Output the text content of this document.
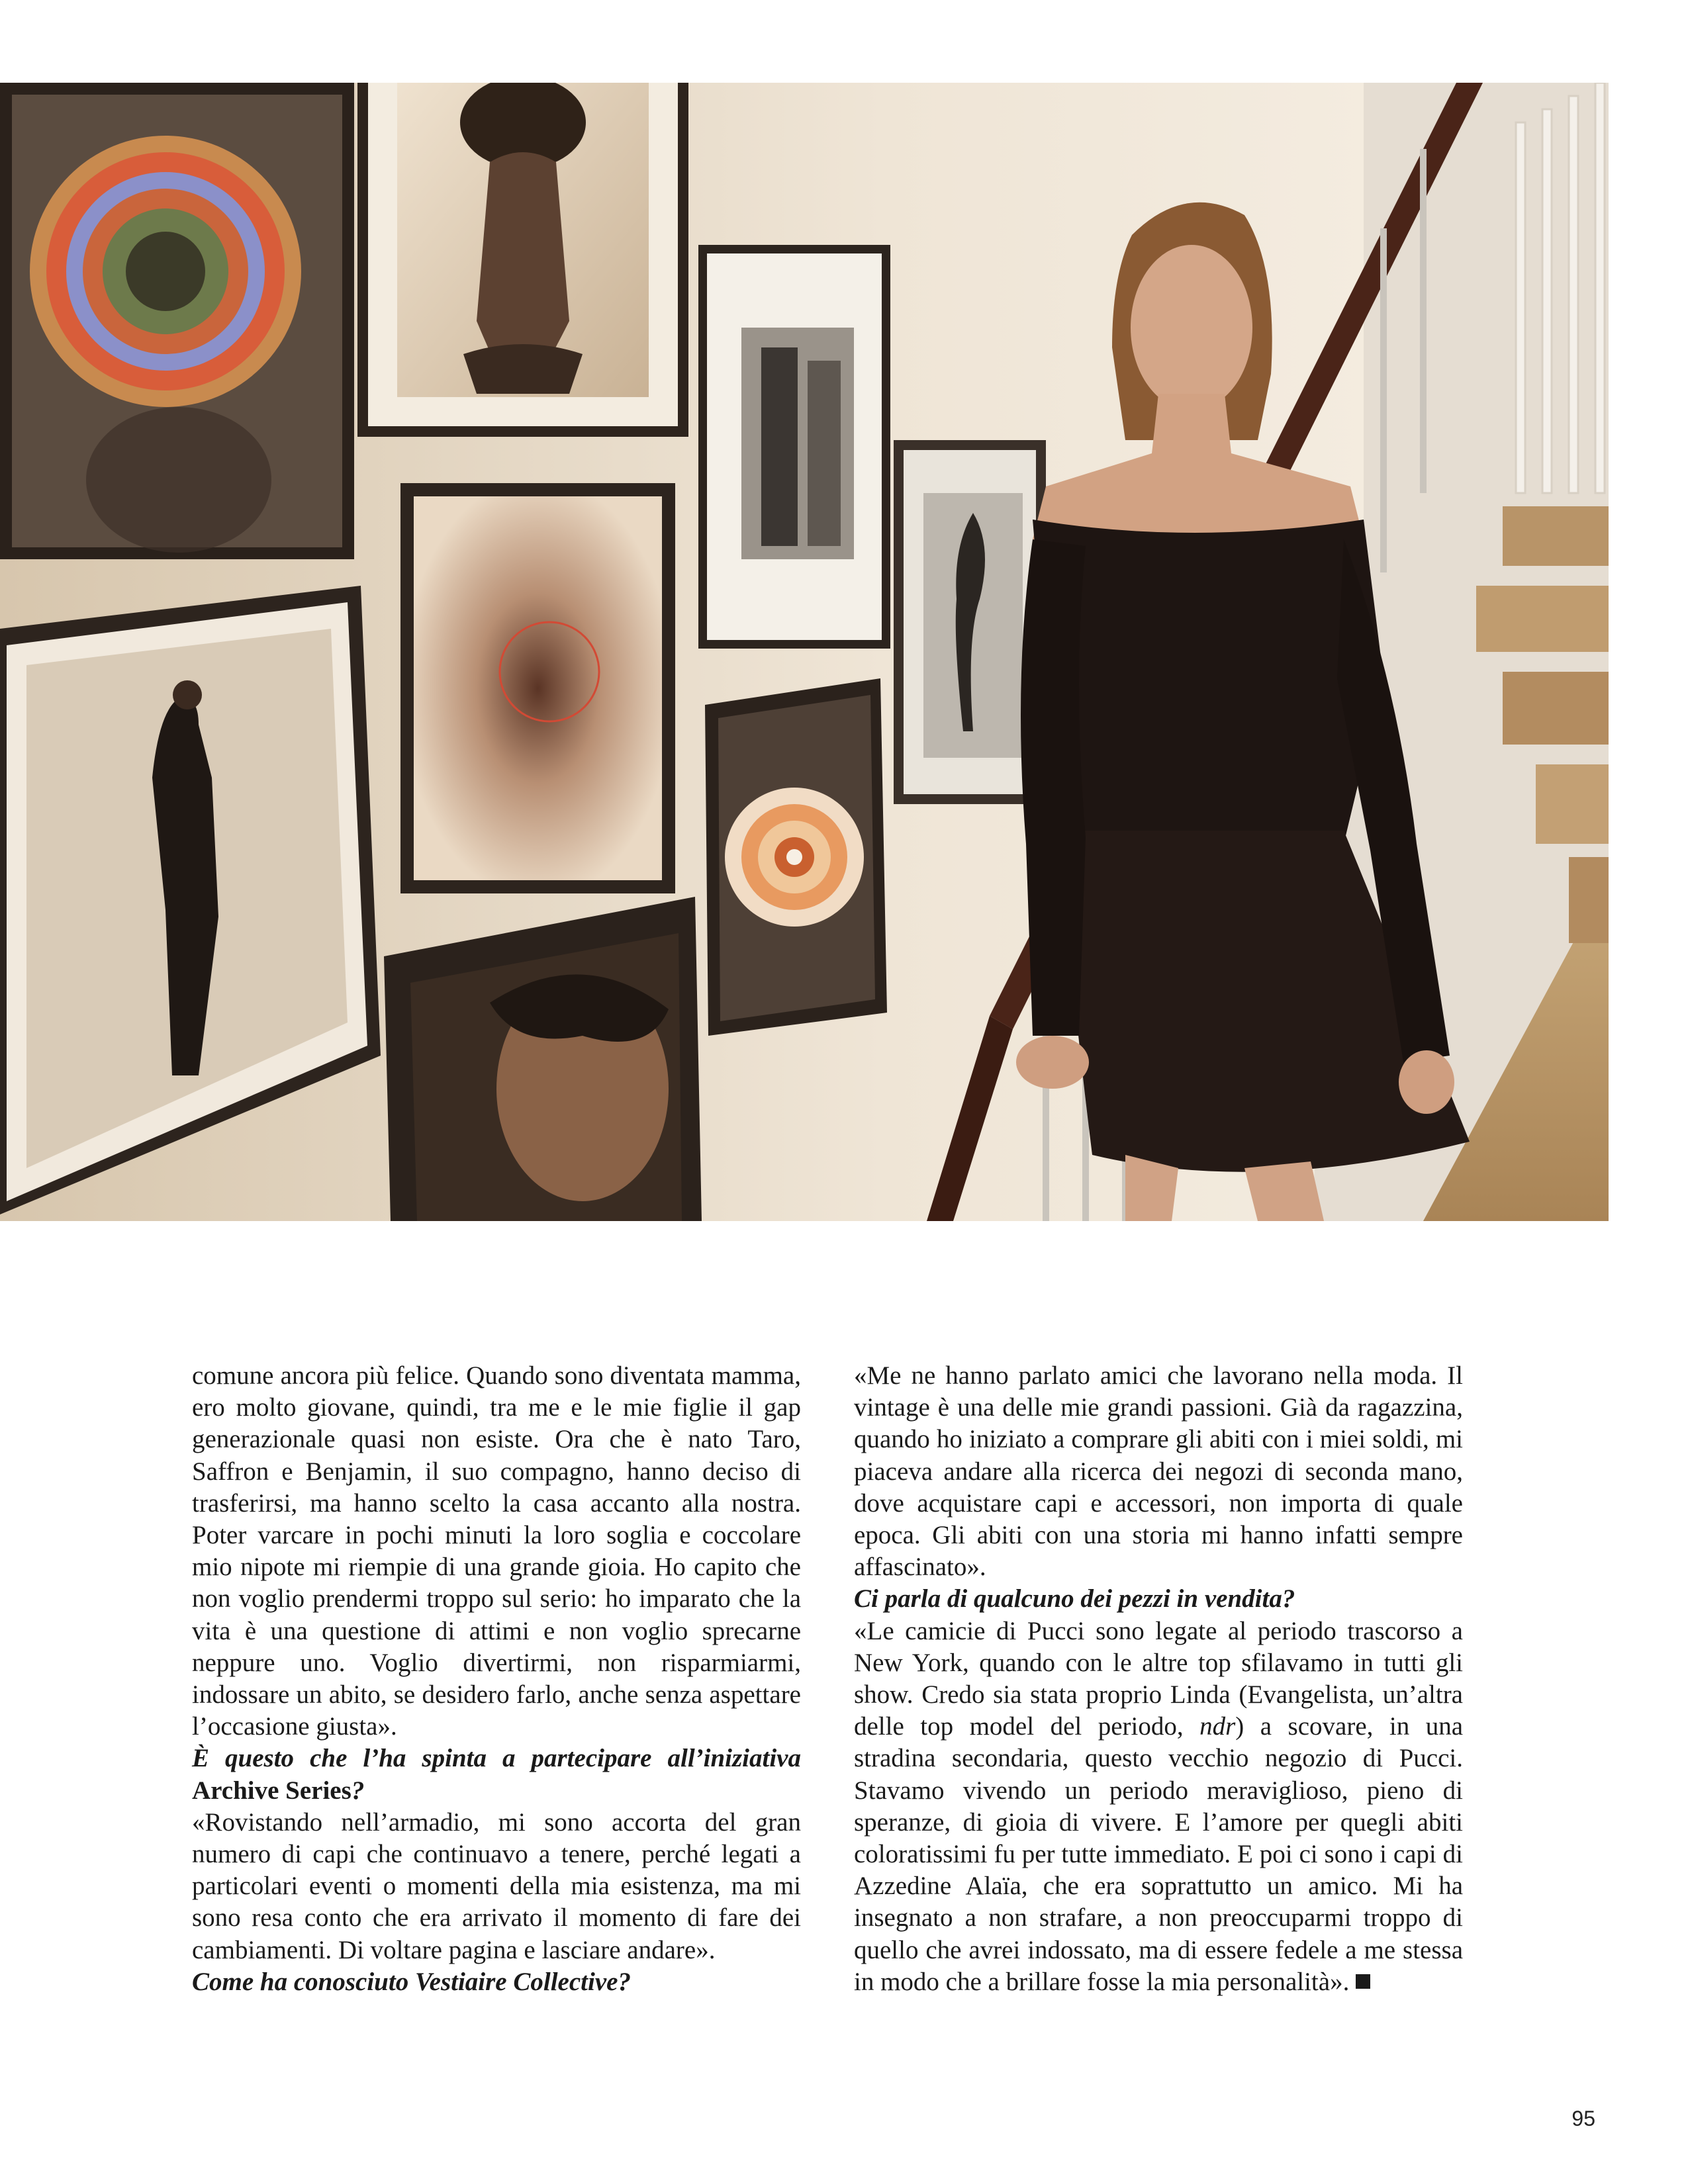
comune ancora più felice. Quando sono diventata mamma, ero molto giovane, quindi, tra me e le mie figlie il gap generazionale quasi non esiste. Ora che è nato Taro, Saffron e Benjamin, il suo compagno, hanno deciso di trasferirsi, ma hanno scelto la casa accanto alla nostra. Poter varcare in pochi minuti la loro soglia e coccolare mio nipote mi riempie di una grande gioia. Ho capito che non voglio prendermi troppo sul serio: ho imparato che la vita è una questione di attimi e non voglio sprecarne neppure uno. Voglio divertirmi, non risparmiarmi, indossare un abito, se desidero farlo, anche senza aspettare l’occasione giusta».

È questo che l’ha spinta a partecipare all’iniziativa Archive Series?

«Rovistando nell’armadio, mi sono accorta del gran numero di capi che continuavo a tenere, perché legati a particolari eventi o momenti della mia esistenza, ma mi sono resa conto che era arrivato il momento di fare dei cambiamenti. Di voltare pagina e lasciare andare».

Come ha conosciuto Vestiaire Collective?

«Me ne hanno parlato amici che lavorano nella moda. Il vintage è una delle mie grandi passioni. Già da ragazzina, quando ho iniziato a comprare gli abiti con i miei soldi, mi piaceva andare alla ricerca dei negozi di seconda mano, dove acquistare capi e accessori, non importa di quale epoca. Gli abiti con una storia mi hanno infatti sempre affascinato».

Ci parla di qualcuno dei pezzi in vendita?

«Le camicie di Pucci sono legate al periodo trascorso a New York, quando con le altre top sfilavamo in tutti gli show. Credo sia stata proprio Linda (Evangelista, un’altra delle top model del periodo, ndr) a scovare, in una stradina secondaria, questo vecchio negozio di Pucci. Stavamo vivendo un periodo meraviglioso, pieno di speranze, di gioia di vivere. E l’amore per quegli abiti coloratissimi fu per tutte immediato. E poi ci sono i capi di Azzedine Alaïa, che era soprattutto un amico. Mi ha insegnato a non strafare, a non preoccuparmi troppo di quello che avrei indossato, ma di essere fedele a me stessa in modo che a brillare fosse la mia personalità».

95
